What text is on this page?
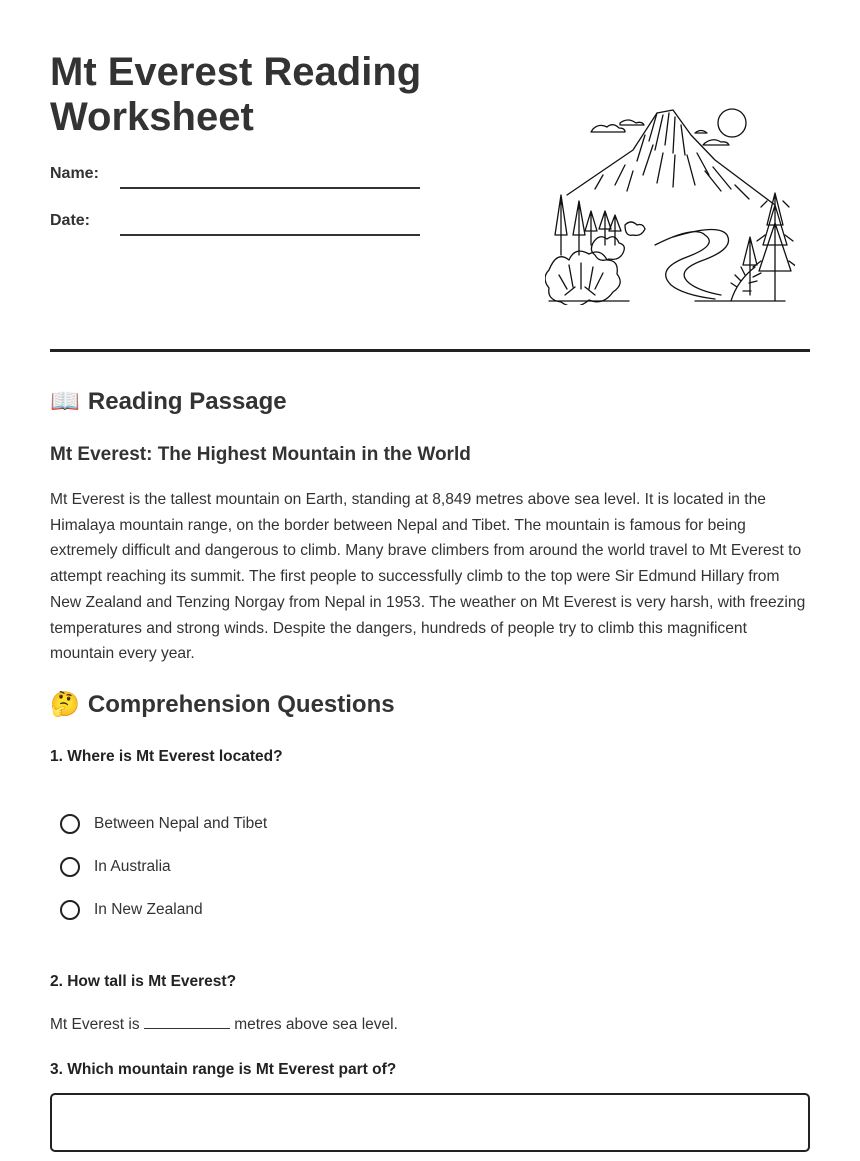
Mt Everest Reading
Worksheet
Name:
Date:
📖 Reading Passage
Mt Everest: The Highest Mountain in the World

Mt Everest is the tallest mountain on Earth, standing at 8,849 metres above sea level. It is located in the Himalaya mountain range, on the border between Nepal and Tibet. The mountain is famous for being extremely difficult and dangerous to climb. Many brave climbers from around the world travel to Mt Everest to attempt reaching its summit. The first people to successfully climb to the top were Sir Edmund Hillary from New Zealand and Tenzing Norgay from Nepal in 1953. The weather on Mt Everest is very harsh, with freezing temperatures and strong winds. Despite the dangers, hundreds of people try to climb this magnificent mountain every year.

🤔 Comprehension Questions

1. Where is Mt Everest located?

Between Nepal and Tibet
In Australia
In New Zealand

2. How tall is Mt Everest?

Mt Everest is	metres above sea level.

3. Which mountain range is Mt Everest part of?
